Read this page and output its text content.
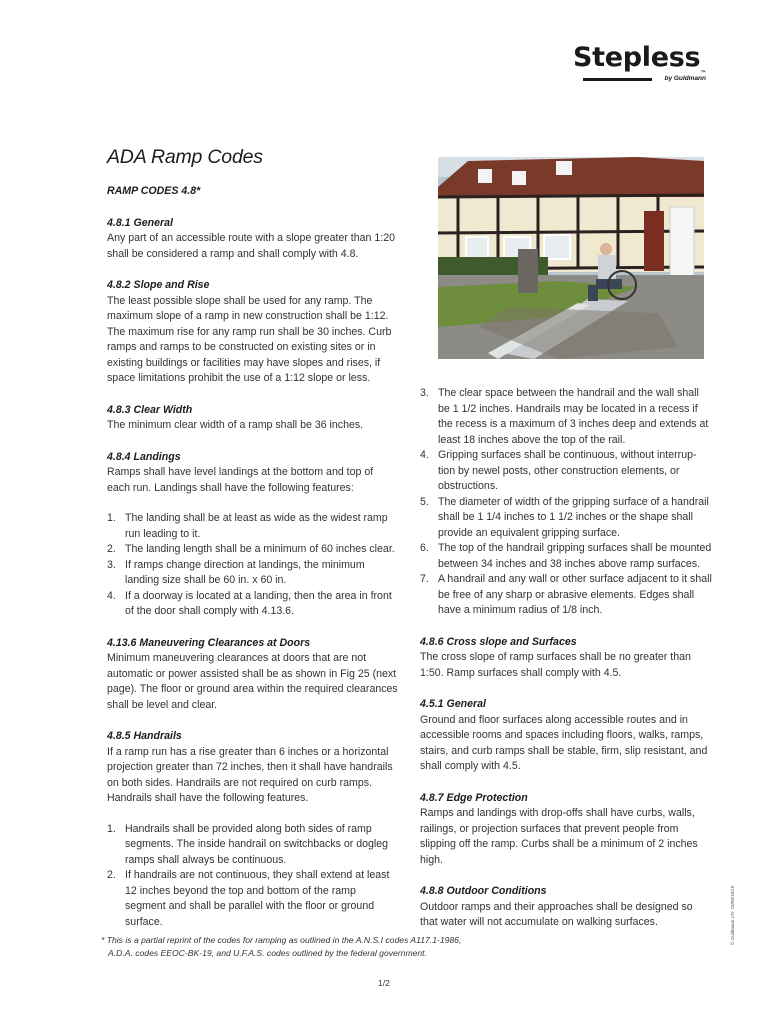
Stepless™
by Guldmann
ADA Ramp Codes

RAMP CODES 4.8*

4.8.1 General

Any part of an accessible route with a slope greater than 1:20 shall be considered a ramp and shall comply with 4.8.

4.8.2 Slope and Rise

The least possible slope shall be used for any ramp. The maximum slope of a ramp in new construction shall be 1:12. The maximum rise for any ramp run shall be 30 inches. Curb ramps and ramps to be constructed on existing sites or in existing buildings or facilities may have slopes and rises, if space limitations prohibit the use of a 1:12 slope or less.

4.8.3 Clear Width

The minimum clear width of a ramp shall be 36 inches.

4.8.4 Landings

Ramps shall have level landings at the bottom and top of each run. Landings shall have the following features:

1. The landing shall be at least as wide as the widest ramp run leading to it.
2. The landing length shall be a minimum of 60 inches clear.
3. If ramps change direction at landings, the minimum landing size shall be 60 in. x 60 in.
4. If a doorway is located at a landing, then the area in front of the door shall comply with 4.13.6.

4.13.6 Maneuvering Clearances at Doors

Minimum maneuvering clearances at doors that are not automatic or power assisted shall be as shown in Fig 25 (next page). The floor or ground area within the required clearances shall be level and clear.

4.8.5 Handrails

If a ramp run has a rise greater than 6 inches or a horizontal projection greater than 72 inches, then it shall have handrails on both sides. Handrails are not required on curb ramps. Handrails shall have the following features.

1. Handrails shall be provided along both sides of ramp segments. The inside handrail on switchbacks or dogleg ramps shall always be continuous.
2. If handrails are not continuous, they shall extend at least 12 inches beyond the top and bottom of the ramp segment and shall be parallel with the floor or ground surface.
3. The clear space between the handrail and the wall shall be 1 1/2 inches. Handrails may be located in a recess if the recess is a maximum of 3 inches deep and extends at least 18 inches above the top of the rail.
4. Gripping surfaces shall be continuous, without interrup-tion by newel posts, other construction elements, or obstructions.
5. The diameter of width of the gripping surface of a handrail shall be 1 1/4 inches to 1 1/2 inches or the shape shall provide an equivalent gripping surface.
6. The top of the handrail gripping surfaces shall be mounted between 34 inches and 38 inches above ramp surfaces.
7. A handrail and any wall or other surface adjacent to it shall be free of any sharp or abrasive elements. Edges shall have a minimum radius of 1/8 inch.

4.8.6 Cross slope and Surfaces

The cross slope of ramp surfaces shall be no greater than 1:50. Ramp surfaces shall comply with 4.5.

4.5.1 General

Ground and floor surfaces along accessible routes and in accessible rooms and spaces including floors, walks, ramps, stairs, and curb ramps shall be stable, firm, slip resistant, and shall comply with 4.5.

4.8.7 Edge Protection

Ramps and landings with drop-offs shall have curbs, walls, railings, or projection surfaces that prevent people from slipping off the ramp. Curbs shall be a minimum of 2 inches high.

4.8.8 Outdoor Conditions

Outdoor ramps and their approaches shall be designed so that water will not accumulate on walking surfaces.

* This is a partial reprint of the codes for ramping as outlined in the A.N.S.I codes A117.1-1986,
A.D.A. codes EEOC-BK-19, and U.F.A.S. codes outlined by the federal government.
1/2
© Guldmann US- 16/08/10/10
